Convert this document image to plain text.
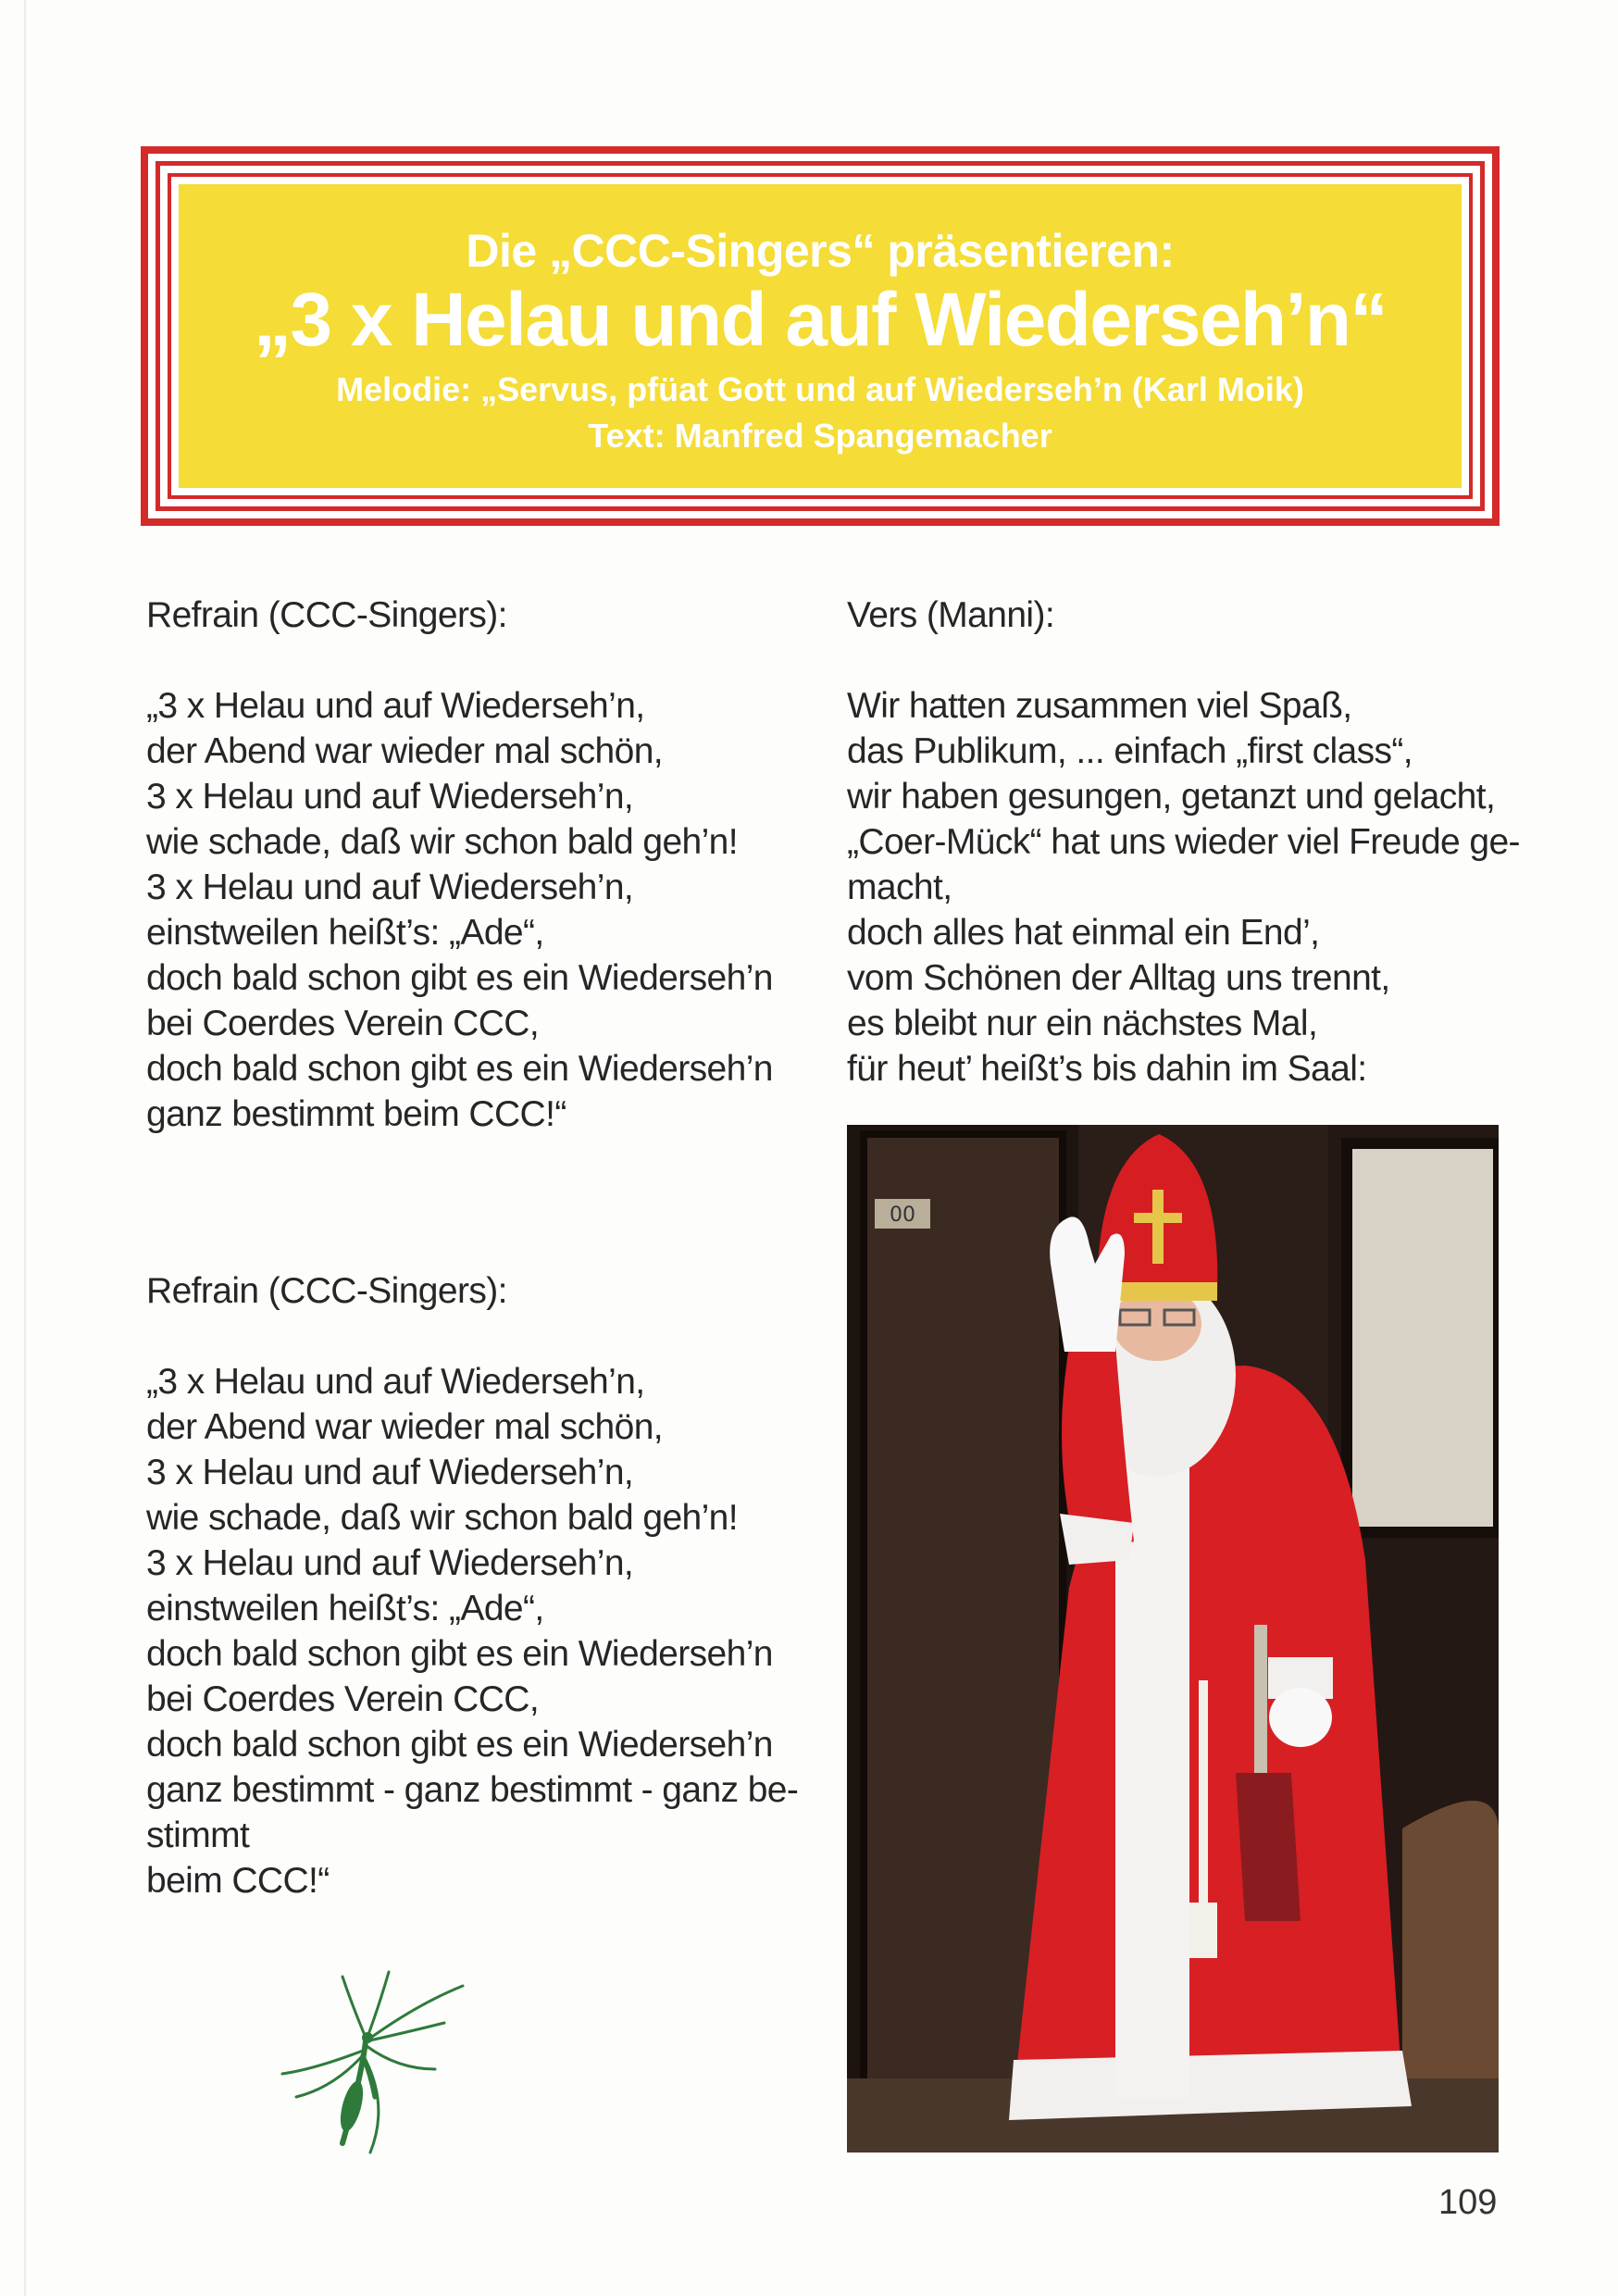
Die „CCC-Singers“ präsentieren:
„3 x Helau und auf Wiederseh’n“
Melodie: „Servus, pfüat Gott und auf Wiederseh’n (Karl Moik)
Text: Manfred Spangemacher
Refrain (CCC-Singers):
„3 x Helau und auf Wiederseh’n,
der Abend war wieder mal schön,
3 x Helau und auf Wiederseh’n,
wie schade, daß wir schon bald geh’n!
3 x Helau und auf Wiederseh’n,
einstweilen heißt’s: „Ade“,
doch bald schon gibt es ein Wiederseh’n
bei Coerdes Verein CCC,
doch bald schon gibt es ein Wiederseh’n
ganz bestimmt beim CCC!“
Refrain (CCC-Singers):
„3 x Helau und auf Wiederseh’n,
der Abend war wieder mal schön,
3 x Helau und auf Wiederseh’n,
wie schade, daß wir schon bald geh’n!
3 x Helau und auf Wiederseh’n,
einstweilen heißt’s: „Ade“,
doch bald schon gibt es ein Wiederseh’n
bei Coerdes Verein CCC,
doch bald schon gibt es ein Wiederseh’n
ganz bestimmt - ganz bestimmt - ganz be-
stimmt
beim CCC!“
Vers (Manni):
Wir hatten zusammen viel Spaß,
das Publikum, ... einfach „first class“,
wir haben gesungen, getanzt und gelacht,
„Coer-Mück“ hat uns wieder viel Freude ge-
macht,
doch alles hat einmal ein End’,
vom Schönen der Alltag uns trennt,
es bleibt nur ein nächstes Mal,
für heut’ heißt’s bis dahin im Saal:
00
109
